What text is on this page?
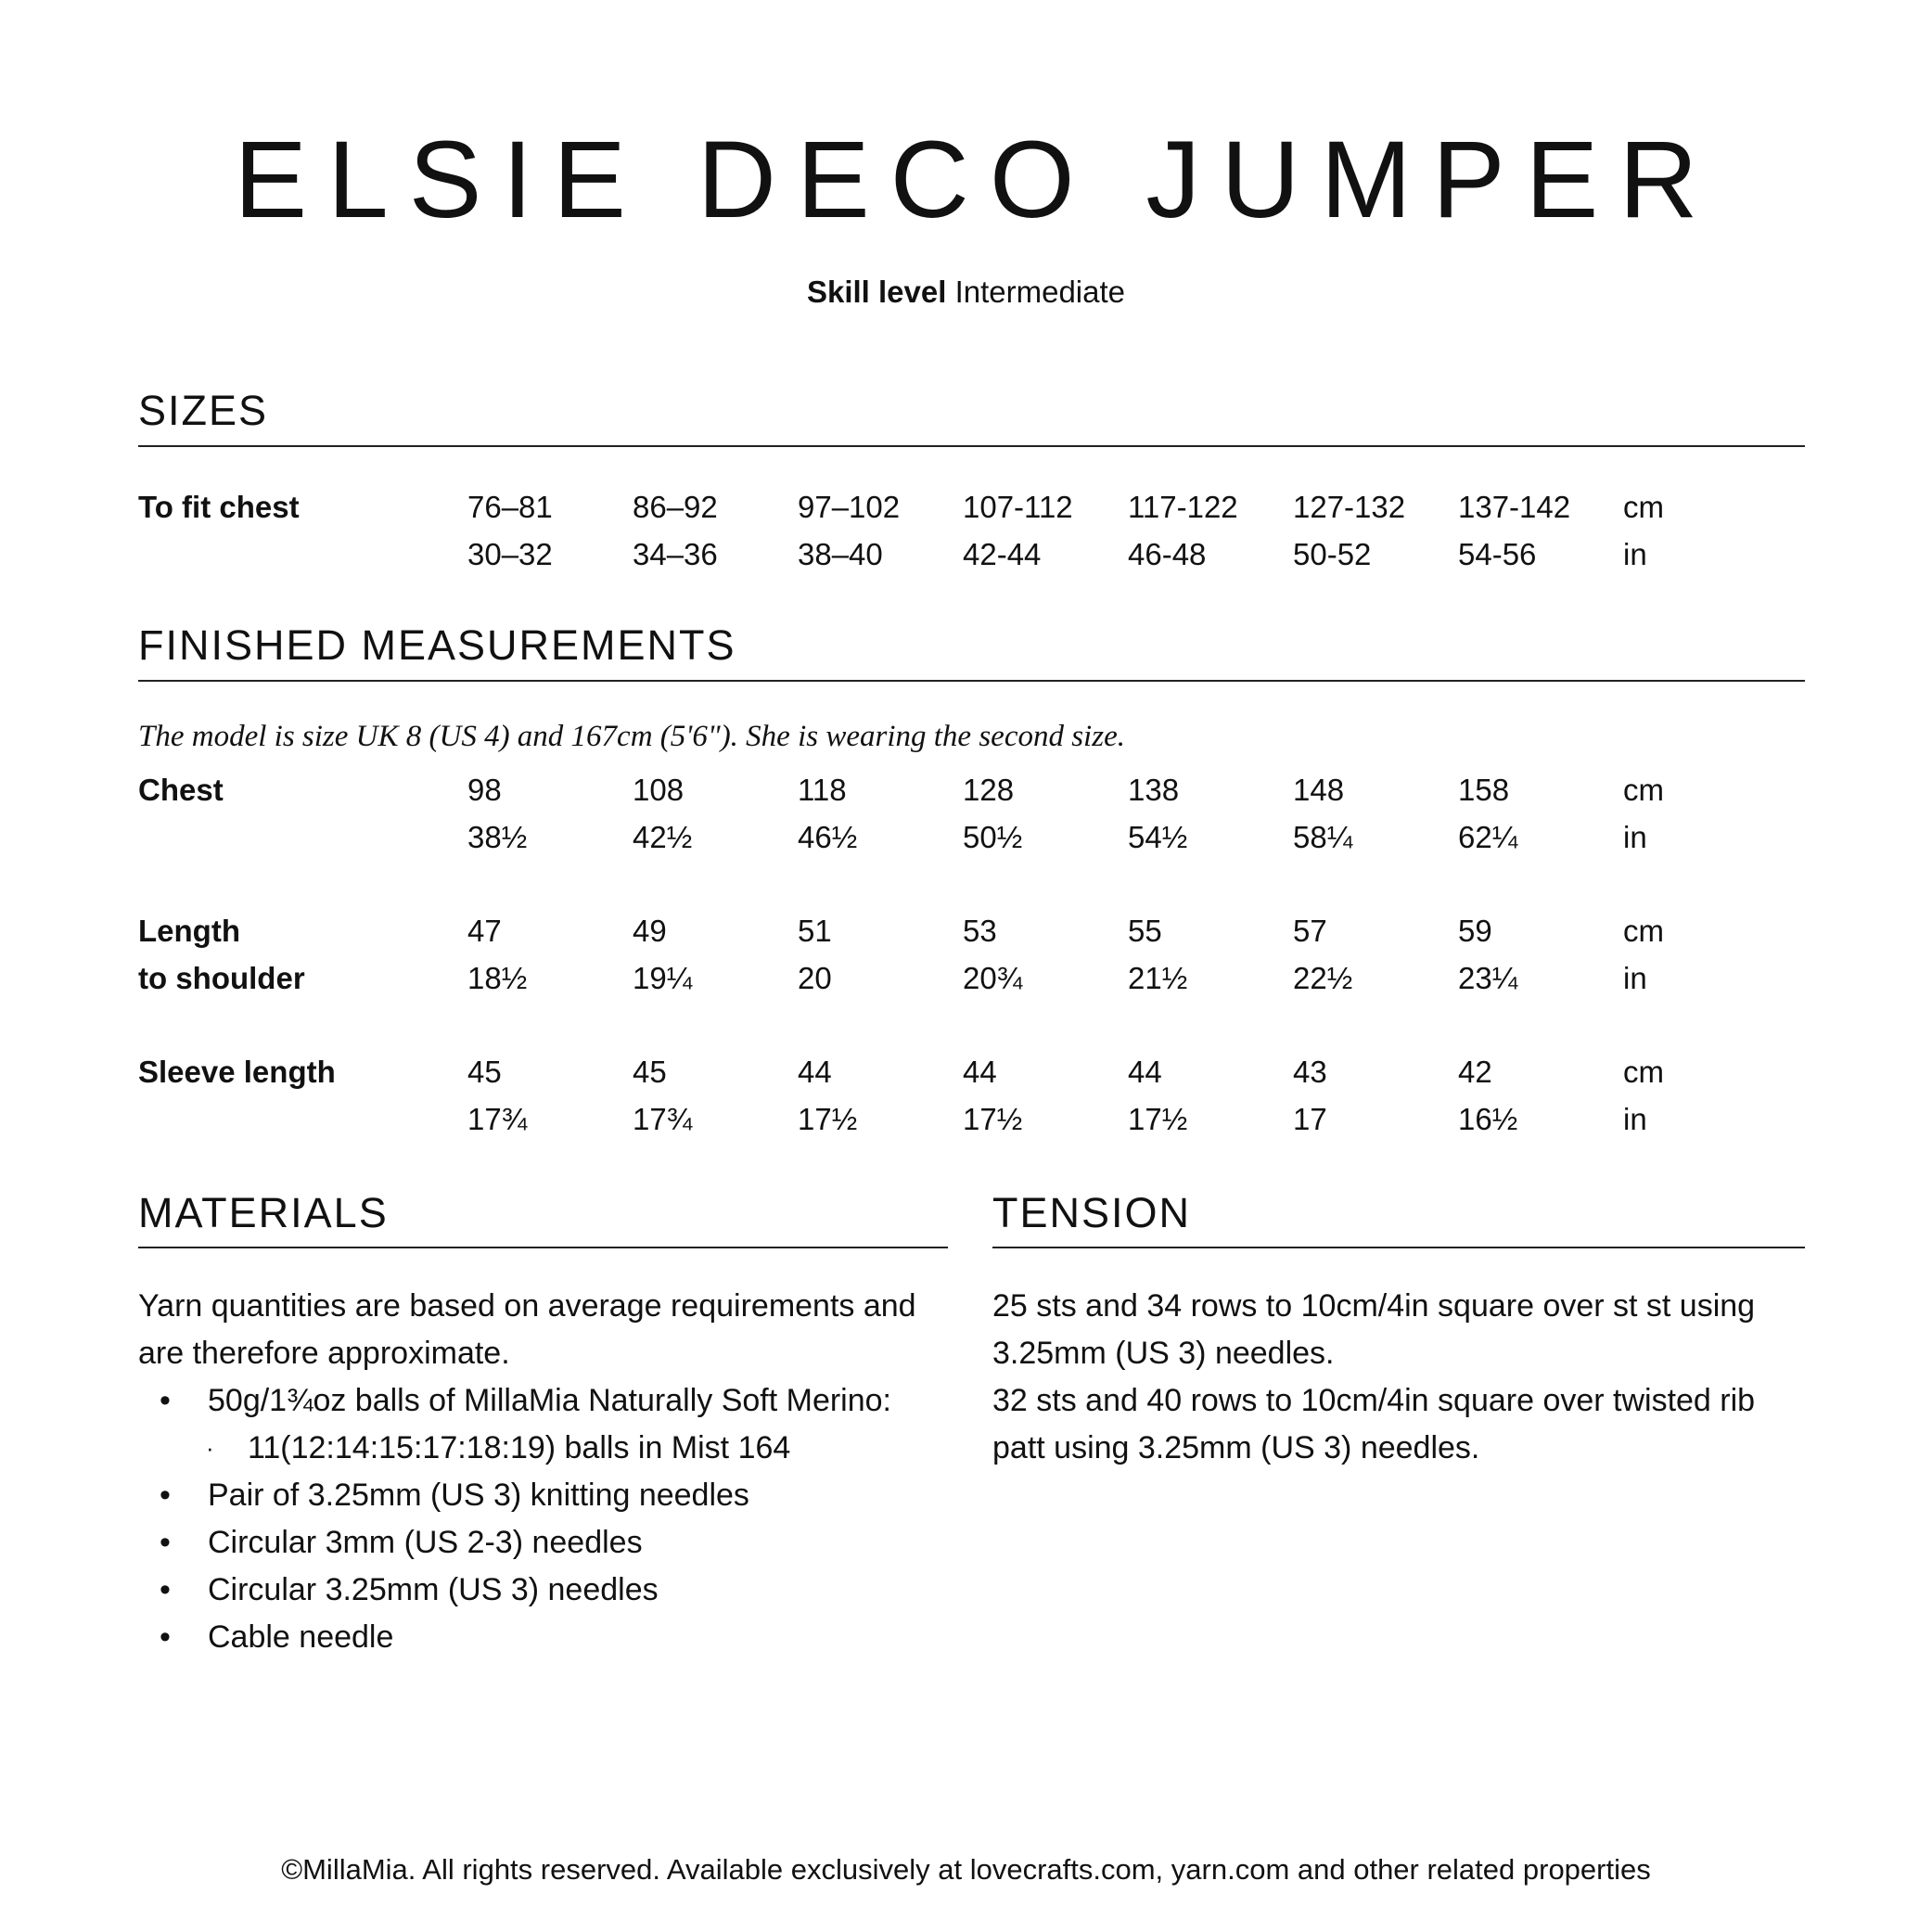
ELSIE DECO JUMPER
Skill level Intermediate
SIZES
To fit chest	76–81	86–92	97–102	107-112	117-122	127-132	137-142	cm
	30–32	34–36	38–40	42-44	46-48	50-52	54-56	in
FINISHED MEASUREMENTS
The model is size UK 8 (US 4) and 167cm (5'6"). She is wearing the second size.
Chest	98	108	118	128	138	148	158	cm
	38½	42½	46½	50½	54½	58¼	62¼	in

Length	47	49	51	53	55	57	59	cm
to shoulder	18½	19¼	20	20¾	21½	22½	23¼	in

Sleeve length	45	45	44	44	44	43	42	cm
	17¾	17¾	17½	17½	17½	17	16½	in
MATERIALS

Yarn quantities are based on average requirements and are therefore approximate.

• 50g/1¾oz balls of MillaMia Naturally Soft Merino:
· 11(12:14:15:17:18:19) balls in Mist 164
• Pair of 3.25mm (US 3) knitting needles
• Circular 3mm (US 2-3) needles
• Circular 3.25mm (US 3) needles
• Cable needle
TENSION

25 sts and 34 rows to 10cm/4in square over st st using 3.25mm (US 3) needles.

32 sts and 40 rows to 10cm/4in square over twisted rib patt using 3.25mm (US 3) needles.

©MillaMia. All rights reserved. Available exclusively at lovecrafts.com, yarn.com and other related properties
